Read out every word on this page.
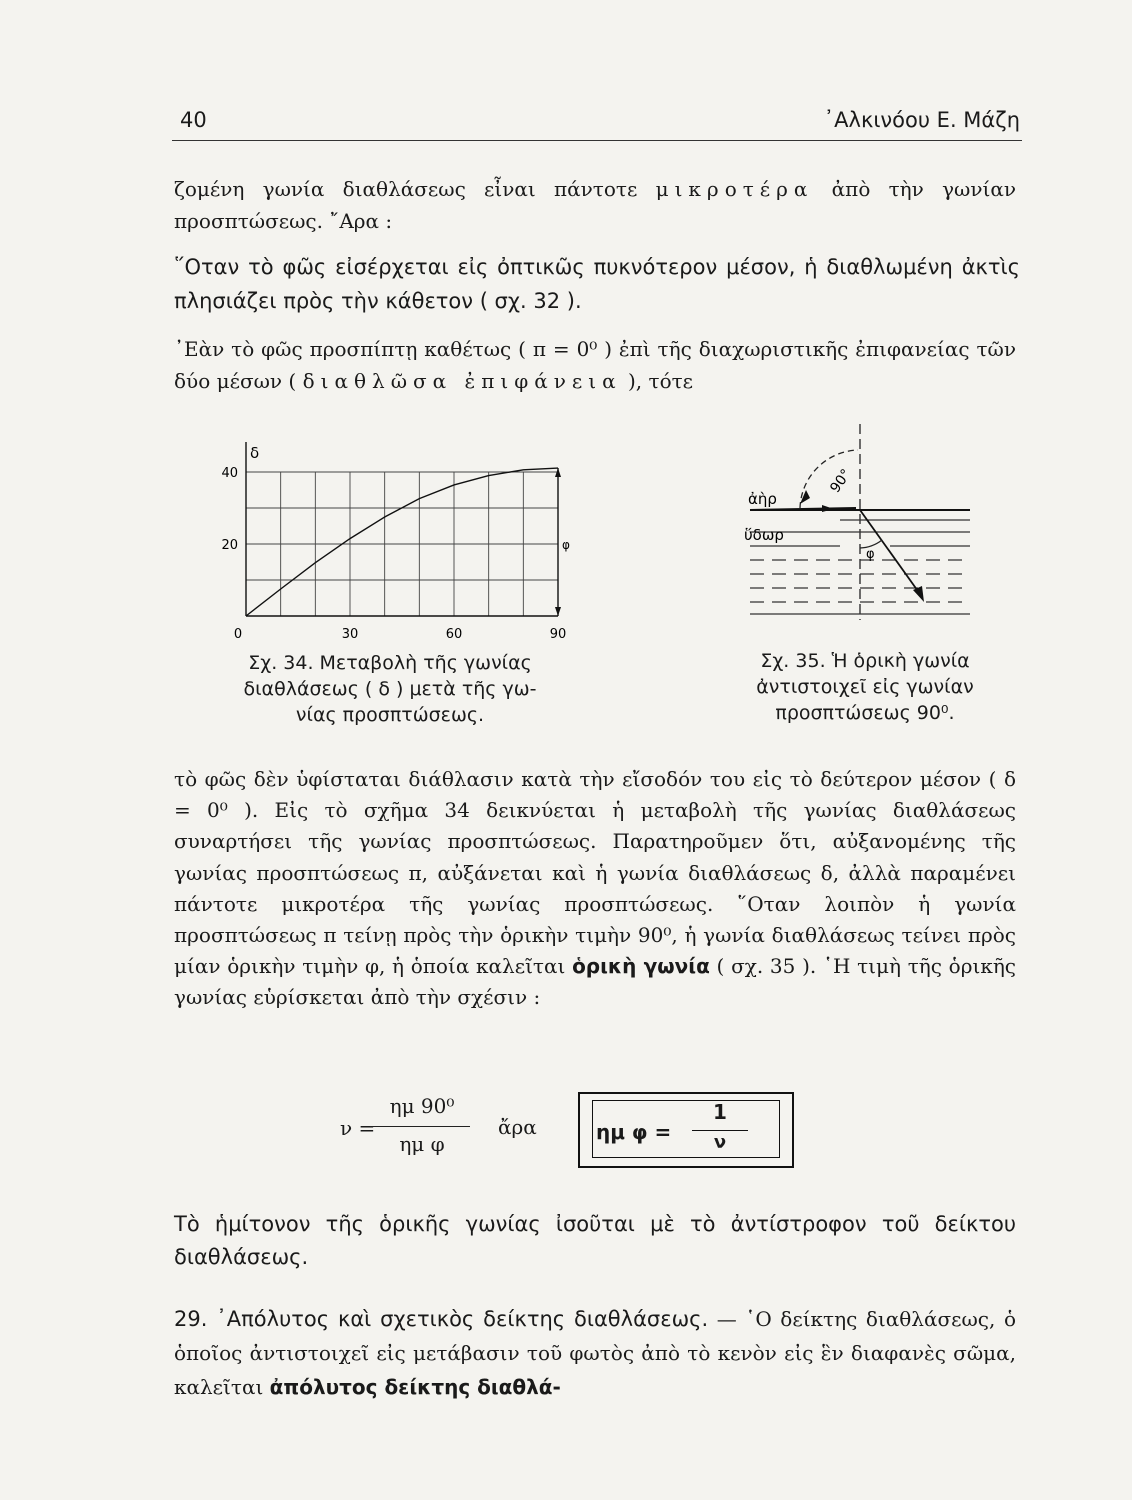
40	᾿Αλκινόου Ε. Μάζη
ζομένη γωνία διαθλάσεως εἶναι πάντοτε μικροτέρα ἀπὸ τὴν γωνίαν προσπτώσεως. ῎Αρα :
῞Οταν τὸ φῶς εἰσέρχεται εἰς ὀπτικῶς πυκνότερον μέσον, ἡ διαθλωμένη ἀκτὶς πλησιάζει πρὸς τὴν κάθετον ( σχ. 32 ).
᾿Εὰν τὸ φῶς προσπίπτῃ καθέτως ( π = 0⁰ ) ἐπὶ τῆς διαχωριστικῆς ἐπιφανείας τῶν δύο μέσων ( διαθλῶσα ἐπιφάνεια ), τότε
δ
20
40
0	30	60	90
φ
Σχ. 34. Μεταβολὴ τῆς γωνίας
διαθλάσεως ( δ ) μετὰ τῆς γω-
νίας προσπτώσεως.
ἀὴρ
ὕδωρ
90°
φ
Σχ. 35. Ἡ ὁρικὴ γωνία
ἀντιστοιχεῖ εἰς γωνίαν
προσπτώσεως 90⁰.
τὸ φῶς δὲν ὑφίσταται διάθλασιν κατὰ τὴν εἴσοδόν του εἰς τὸ δεύτερον μέσον ( δ = 0⁰ ). Εἰς τὸ σχῆμα 34 δεικνύεται ἡ μεταβολὴ τῆς γωνίας διαθλάσεως συναρτήσει τῆς γωνίας προσπτώσεως. Παρατηροῦμεν ὅτι, αὐξανομένης τῆς γωνίας προσπτώσεως π, αὐξάνεται καὶ ἡ γωνία διαθλάσεως δ, ἀλλὰ παραμένει πάντοτε μικροτέρα τῆς γωνίας προσπτώσεως. ῞Οταν λοιπὸν ἡ γωνία προσπτώσεως π τείνῃ πρὸς τὴν ὁρικὴν τιμὴν 90⁰, ἡ γωνία διαθλάσεως τείνει πρὸς μίαν ὁρικὴν τιμὴν φ, ἡ ὁποία καλεῖται ὁρικὴ γωνία ( σχ. 35 ). ῾Η τιμὴ τῆς ὁρικῆς γωνίας εὑρίσκεται ἀπὸ τὴν σχέσιν :
ν =
ημ 90⁰
ημ φ
ἄρα	ημ φ =
1
ν
Τὸ ἡμίτονον τῆς ὁρικῆς γωνίας ἰσοῦται μὲ τὸ ἀντίστροφον τοῦ δείκτου διαθλάσεως.
29. ᾿Απόλυτος καὶ σχετικὸς δείκτης διαθλάσεως. — ῾Ο δείκτης διαθλάσεως, ὁ ὁποῖος ἀντιστοιχεῖ εἰς μετάβασιν τοῦ φωτὸς ἀπὸ τὸ κενὸν εἰς ἓν διαφανὲς σῶμα, καλεῖται ἀπόλυτος δείκτης διαθλά-
